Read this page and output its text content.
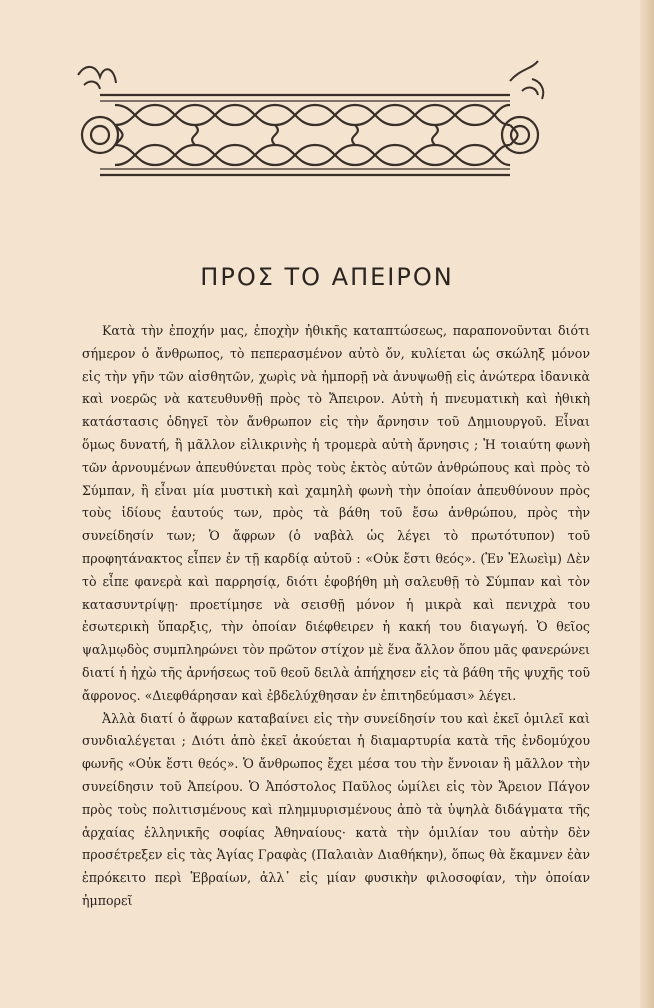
ΠΡΟΣ ΤΟ ΑΠΕΙΡΟΝ

Κατὰ τὴν ἐποχήν μας, ἐποχὴν ἠθικῆς καταπτώσεως, παραπονοῦνται διότι σήμερον ὁ ἄνθρωπος, τὸ πεπερασμένον αὐτὸ ὄν, κυλίεται ὡς σκώληξ μόνον εἰς τὴν γῆν τῶν αἰσθητῶν, χωρὶς νὰ ἠμπορῇ νὰ ἀνυψωθῇ εἰς ἀνώτερα ἰδανικὰ καὶ νοερῶς νὰ κατευθυνθῇ πρὸς τὸ Ἄπειρον. Αὐτὴ ἡ πνευματικὴ καὶ ἠθικὴ κατάστασις ὁδηγεῖ τὸν ἄνθρωπον εἰς τὴν ἄρνησιν τοῦ Δημιουργοῦ. Εἶναι ὅμως δυνατή, ἢ μᾶλλον εἰλικρινὴς ἡ τρομερὰ αὐτὴ ἄρνησις ; Ἡ τοιαύτη φωνὴ τῶν ἀρνουμένων ἀπευθύνεται πρὸς τοὺς ἐκτὸς αὐτῶν ἀνθρώπους καὶ πρὸς τὸ Σύμπαν, ἢ εἶναι μία μυστικὴ καὶ χαμηλὴ φωνὴ τὴν ὁποίαν ἀπευθύνουν πρὸς τοὺς ἰδίους ἑαυτούς των, πρὸς τὰ βάθη τοῦ ἔσω ἀνθρώπου, πρὸς τὴν συνείδησίν των; Ὁ ἄφρων (ὁ ναβὰλ ὡς λέγει τὸ πρωτότυπον) τοῦ προφητάνακτος εἶπεν ἐν τῇ καρδίᾳ αὐτοῦ : «Οὐκ ἔστι θεός». (Ἐν Ἐλωεὶμ) Δὲν τὸ εἶπε φανερὰ καὶ παρρησίᾳ, διότι ἐφοβήθη μὴ σαλευθῇ τὸ Σύμπαν καὶ τὸν κατασυντρίψῃ· προετίμησε νὰ σεισθῇ μόνον ἡ μικρὰ καὶ πενιχρὰ του ἐσωτερικὴ ὕπαρξις, τὴν ὁποίαν διέφθειρεν ἡ κακή του διαγωγή. Ὁ θεῖος ψαλμῳδὸς συμπληρώνει τὸν πρῶτον στίχον μὲ ἕνα ἄλλον ὅπου μᾶς φανερώνει διατί ἡ ἠχὼ τῆς ἀρνήσεως τοῦ θεοῦ δειλὰ ἀπήχησεν εἰς τὰ βάθη τῆς ψυχῆς τοῦ ἄφρονος. «Διεφθάρησαν καὶ ἐβδελύχθησαν ἐν ἐπιτηδεύμασι» λέγει.

Ἀλλὰ διατί ὁ ἄφρων καταβαίνει εἰς τὴν συνείδησίν του καὶ ἐκεῖ ὁμιλεῖ καὶ συνδιαλέγεται ; Διότι ἀπὸ ἐκεῖ ἀκούεται ἡ διαμαρτυρία κατὰ τῆς ἐνδομύχου φωνῆς «Οὐκ ἔστι θεός». Ὁ ἄνθρωπος ἔχει μέσα του τὴν ἔννοιαν ἢ μᾶλλον τὴν συνείδησιν τοῦ Ἀπείρου. Ὁ Ἀπόστολος Παῦλος ὡμίλει εἰς τὸν Ἄρειον Πάγον πρὸς τοὺς πολιτισμένους καὶ πλημμυρισμένους ἀπὸ τὰ ὑψηλὰ διδάγματα τῆς ἀρχαίας ἑλληνικῆς σοφίας Ἀθηναίους· κατὰ τὴν ὁμιλίαν του αὐτὴν δὲν προσέτρεξεν εἰς τὰς Ἁγίας Γραφὰς (Παλαιὰν Διαθήκην), ὅπως θὰ ἔκαμνεν ἐὰν ἐπρόκειτο περὶ Ἑβραίων, ἀλλ᾽ εἰς μίαν φυσικὴν φιλοσοφίαν, τὴν ὁποίαν ἠμπορεῖ
